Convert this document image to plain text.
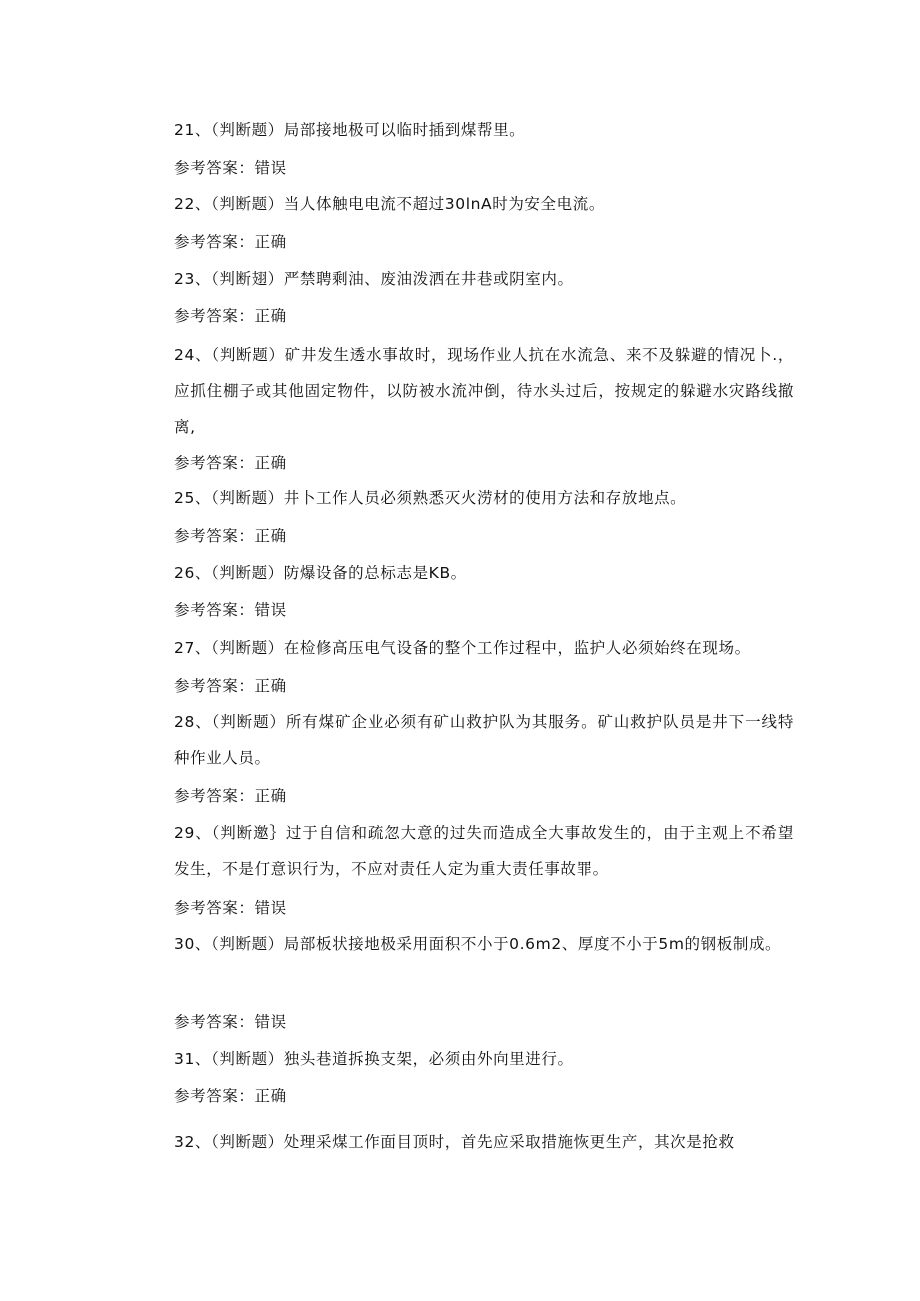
21、（判断题）局部接地极可以临时插到煤帮里。

参考答案：错误

22、（判断题）当人体触电电流不超过30lnA时为安全电流。

参考答案：正确

23、（判断翅）严禁聘剩油、废油泼洒在井巷或阴室内。

参考答案：正确

24、（判断题）矿井发生透水事故时，现场作业人抗在水流急、来不及躲避的情况卜.，应抓住棚子或其他固定物件，以防被水流冲倒，待水头过后，按规定的躲避水灾路线撤离,

参考答案：正确

25、（判断题）井卜工作人员必须熟悉灭火涝材的使用方法和存放地点。

参考答案：正确

26、（判断题）防爆设备的总标志是KB。

参考答案：错误

27、（判断题）在检修高压电气设备的整个工作过程中，监护人必须始终在现场。

参考答案：正确

28、（判断题）所有煤矿企业必须有矿山救护队为其服务。矿山救护队员是井下一线特种作业人员。

参考答案：正确

29、（判断邀｝过于自信和疏忽大意的过失而造成全大事故发生的，由于主观上不希望发生，不是仃意识行为，不应对责任人定为重大责任事故罪。

参考答案：错误

30、（判断题）局部板状接地极采用面积不小于0.6m2、厚度不小于5m的钢板制成。

参考答案：错误

31、（判断题）独头巷道拆换支架，必须由外向里进行。

参考答案：正确

32、（判断题）处理采煤工作面目顶时，首先应采取措施恢更生产，其次是抢救
